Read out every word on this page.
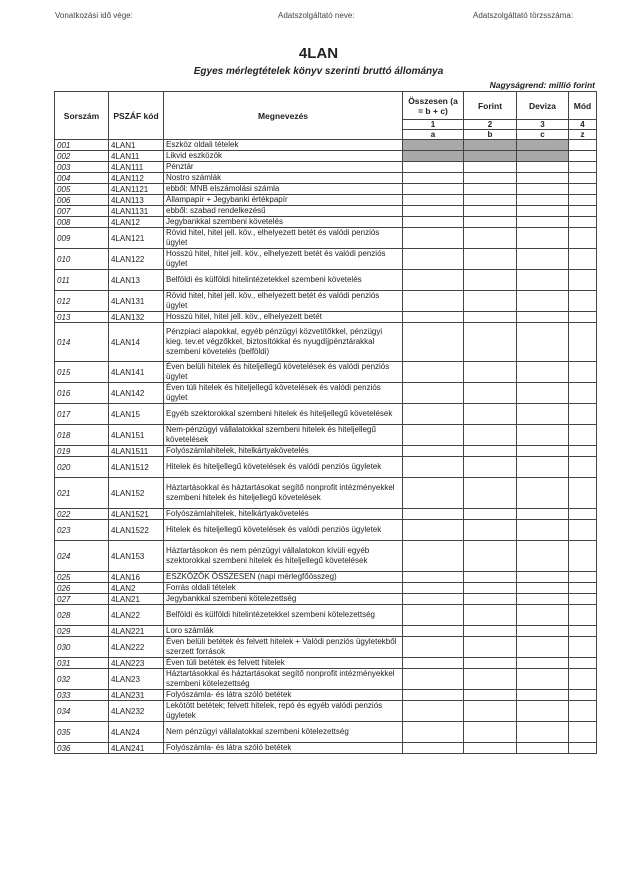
Vonatkozási idő vége:	Adatszolgáltató neve:	Adatszolgáltató törzsszáma:
4LAN
Egyes mérlegtételek könyv szerinti bruttó állománya
Nagyságrend: millió forint
Sorszám	PSZÁF kód	Megnevezés	Összesen (a = b + c)	Forint	Deviza	Mód
			1	2	3	4
			a	b	c	z
001	4LAN1	Eszköz oldali tételek				
002	4LAN11	Likvid eszközök				
003	4LAN111	Pénztár				
004	4LAN112	Nostro számlák				
005	4LAN1121	ebből: MNB elszámolási számla				
006	4LAN113	Állampapír + Jegybanki értékpapír				
007	4LAN1131	ebből: szabad rendelkezésű				
008	4LAN12	Jegybankkal szembeni követelés				
009	4LAN121	Rövid hitel, hitel jell. köv., elhelyezett betét és valódi penziós ügylet				
010	4LAN122	Hosszú hitel, hitel jell. köv., elhelyezett betét és valódi penziós ügylet				
011	4LAN13	Belföldi és külföldi hitelintézetekkel szembeni követelés				
012	4LAN131	Rövid hitel, hitel jell. köv., elhelyezett betét és valódi penziós ügylet				
013	4LAN132	Hosszú hitel, hitel jell. köv., elhelyezett betét				
014	4LAN14	Pénzpiaci alapokkal, egyéb pénzügyi közvetítőkkel, pénzügyi kieg. tev.et végzőkkel, biztosítókkal és nyugdíjpénztárakkal szembeni követelés (belföldi)				
015	4LAN141	Éven belüli hitelek és hiteljellegű követelések és valódi penziós ügylet				
016	4LAN142	Éven túli hitelek és hiteljellegű követelések és valódi penziós ügylet				
017	4LAN15	Egyéb szektorokkal szembeni hitelek és hiteljellegű követelések				
018	4LAN151	Nem-pénzügyi vállalatokkal szembeni hitelek és hiteljellegű követelések				
019	4LAN1511	Folyószámlahitelek, hitelkártyakövetelés				
020	4LAN1512	Hitelek és hiteljellegű követelések és valódi penziós ügyletek				
021	4LAN152	Háztartásokkal és háztartásokat segítő nonprofit intézményekkel szembeni hitelek és hiteljellegű követelések				
022	4LAN1521	Folyószámlahitelek, hitelkártyakövetelés				
023	4LAN1522	Hitelek és hiteljellegű követelések és valódi penziós ügyletek				
024	4LAN153	Háztartásokon és nem pénzügyi vállalatokon kívüli egyéb szektorokkal szembeni hitelek és hiteljellegű követelések				
025	4LAN16	ESZKÖZÖK ÖSSZESEN (napi mérlegfőösszeg)				
026	4LAN2	Forrás oldali tételek				
027	4LAN21	Jegybankkal szembeni kötelezettség				
028	4LAN22	Belföldi és külföldi hitelintézetekkel szembeni kötelezettség				
029	4LAN221	Loro számlák				
030	4LAN222	Éven belüli betétek és felvett hitelek + Valódi penziós ügyletekből szerzett források				
031	4LAN223	Éven túli betétek és felvett hitelek				
032	4LAN23	Háztartásokkal és háztartásokat segítő nonprofit intézményekkel szembeni kötelezettség				
033	4LAN231	Folyószámla- és látra szóló betétek				
034	4LAN232	Lekötött betétek; felvett hitelek, repó és egyéb valódi penziós ügyletek				
035	4LAN24	Nem pénzügyi vállalatokkal szembeni kötelezettség				
036	4LAN241	Folyószámla- és látra szóló betétek				
